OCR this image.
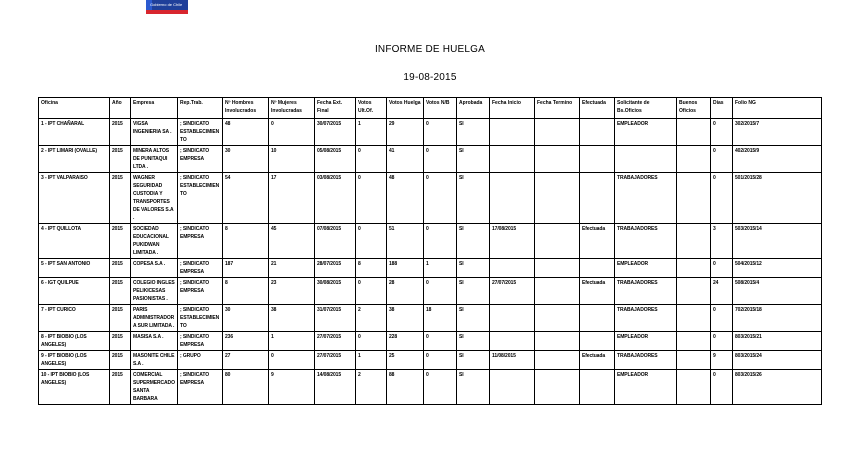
Gobierno de Chile
INFORME DE HUELGA
19-08-2015
Oficina	Año	Empresa	Rep.Trab.	Nº Hombres Involucrados	Nº Mujeres Involucradas	Fecha Ext. Final	Votos Ult.Of.	Votos Huelga	Votos N/B	Aprobada	Fecha Inicio	Fecha Termino	Efectuada	Solicitante de Bs.Oficios	Buenos Oficios	Días	Folio NG
1 - IPT CHAÑARAL	2015	VIGSA INGENIERIA SA .	; SINDICATO ESTABLECIMIENTO	48	0	30/07/2015	1	29	0	SI				EMPLEADOR		0	302/2015/7
2 - IPT LIMARI (OVALLE)	2015	MINERA ALTOS DE PUNITAQUI LTDA .	; SINDICATO EMPRESA	30	10	05/08/2015	0	41	0	SI						0	402/2015/9
3 - IPT VALPARAISO	2015	WAGNER SEGURIDAD CUSTODIA Y TRANSPORTES DE VALORES S.A .	; SINDICATO ESTABLECIMIENTO	54	17	03/08/2015	0	48	0	SI				TRABAJADORES		0	501/2015/28
4 - IPT QUILLOTA	2015	SOCIEDAD EDUCACIONAL PUKIDWAN LIMITADA .	; SINDICATO EMPRESA	8	45	07/08/2015	0	51	0	SI	17/08/2015		Efectuada	TRABAJADORES		3	503/2015/14
5 - IPT SAN ANTONIO	2015	COPESA S.A .	; SINDICATO EMPRESA	187	21	28/07/2015	8	188	1	SI				EMPLEADOR		0	504/2015/12
6 - IGT QUILPUE	2015	COLEGIO INGLES PELIKICESAS PASIONISTAS .	; SINDICATO EMPRESA	8	23	30/08/2015	0	28	0	SI	27/07/2015		Efectuada	TRABAJADORES		24	508/2015/4
7 - IPT CURICO	2015	PARIS ADMINISTRADORA SUR LIMITADA .	; SINDICATO ESTABLECIMIENTO	30	38	31/07/2015	2	38	18	SI				TRABAJADORES		0	702/2015/18
8 - IPT BIOBIO (LOS ANGELES)	2015	MASISA S.A .	; SINDICATO EMPRESA	236	1	27/07/2015	0	228	0	SI				EMPLEADOR		0	803/2015/21
9 - IPT BIOBIO (LOS ANGELES)	2015	MASONITE CHILE S.A .	; GRUPO	27	0	27/07/2015	1	25	0	SI	11/08/2015		Efectuada	TRABAJADORES		9	803/2015/24
10 - IPT BIOBIO (LOS ANGELES)	2015	COMERCIAL SUPERMERCADO SANTA BARBARA	; SINDICATO EMPRESA	80	9	14/08/2015	2	88	0	SI				EMPLEADOR		0	803/2015/26
